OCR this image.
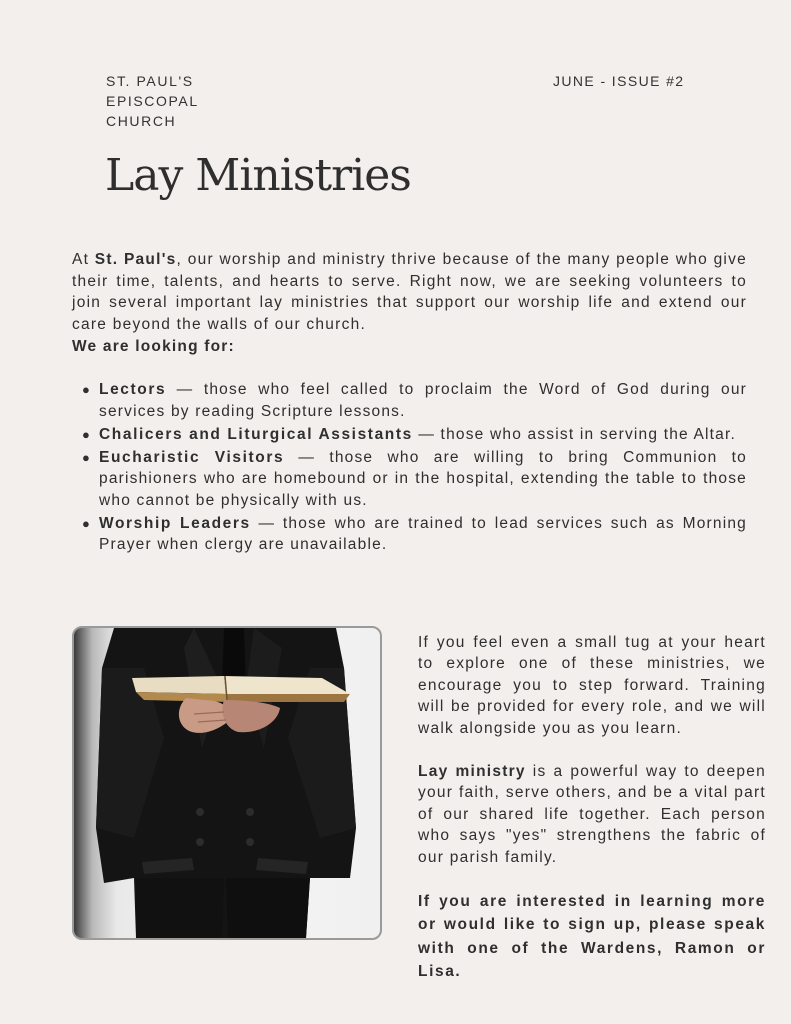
ST. PAUL'S
EPISCOPAL
CHURCH
JUNE - ISSUE #2
Lay Ministries

At St. Paul's, our worship and ministry thrive because of the many people who give their time, talents, and hearts to serve. Right now, we are seeking volunteers to join several important lay ministries that support our worship life and extend our care beyond the walls of our church.

We are looking for:

● Lectors — those who feel called to proclaim the Word of God during our services by reading Scripture lessons.
● Chalicers and Liturgical Assistants — those who assist in serving the Altar.
● Eucharistic Visitors — those who are willing to bring Communion to parishioners who are homebound or in the hospital, extending the table to those who cannot be physically with us.
● Worship Leaders — those who are trained to lead services such as Morning Prayer when clergy are unavailable.

If you feel even a small tug at your heart to explore one of these ministries, we encourage you to step forward. Training will be provided for every role, and we will walk alongside you as you learn.

Lay ministry is a powerful way to deepen your faith, serve others, and be a vital part of our shared life together. Each person who says "yes" strengthens the fabric of our parish family.

If you are interested in learning more or would like to sign up, please speak with one of the Wardens, Ramon or Lisa.
